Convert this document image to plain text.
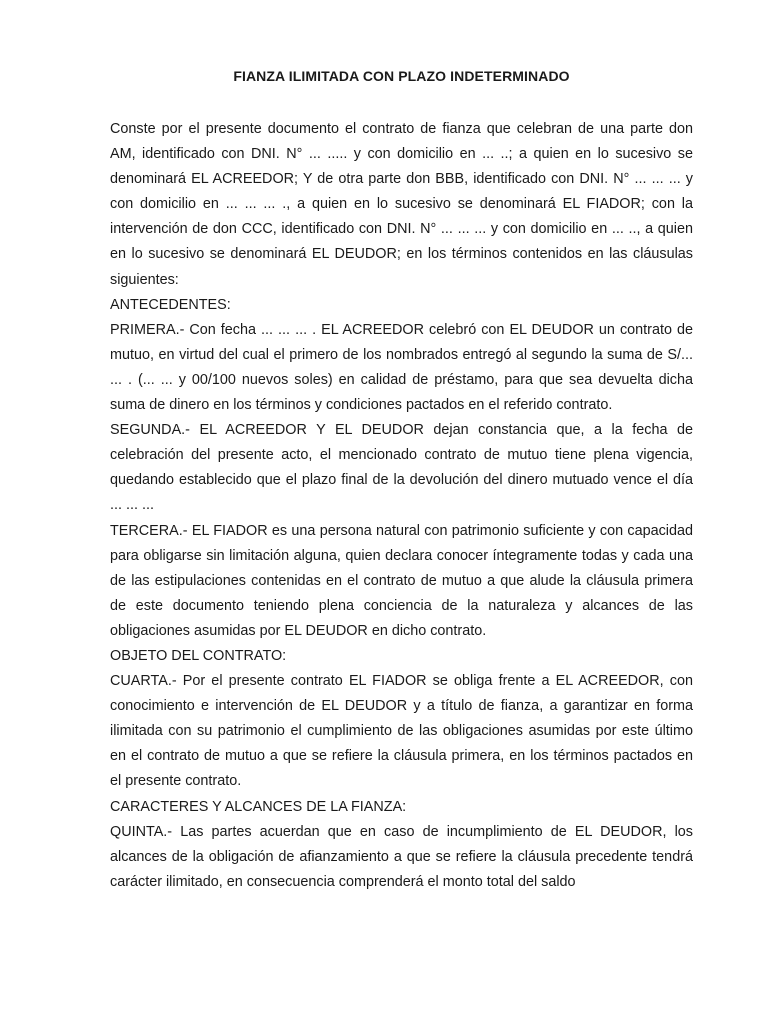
FIANZA ILIMITADA CON PLAZO INDETERMINADO

Conste por el presente documento el contrato de fianza que celebran de una parte don AM, identificado con DNI. N° ... ..... y con domicilio en ... ..; a quien en lo sucesivo se denominará EL ACREEDOR; Y de otra parte don BBB, identificado con DNI. N° ... ... ... y con domicilio en ... ... ... ., a quien en lo sucesivo se denominará EL FIADOR; con la intervención de don CCC, identificado con DNI. N° ... ... ... y con domicilio en ... .., a quien en lo sucesivo se denominará EL DEUDOR; en los términos contenidos en las cláusulas siguientes:

ANTECEDENTES:

PRIMERA.- Con fecha ... ... ... . EL ACREEDOR celebró con EL DEUDOR un contrato de mutuo, en virtud del cual el primero de los nombrados entregó al segundo la suma de S/... ... . (... ... y 00/100 nuevos soles) en calidad de préstamo, para que sea devuelta dicha suma de dinero en los términos y condiciones pactados en el referido contrato.

SEGUNDA.- EL ACREEDOR Y EL DEUDOR dejan constancia que, a la fecha de celebración del presente acto, el mencionado contrato de mutuo tiene plena vigencia, quedando establecido que el plazo final de la devolución del dinero mutuado vence el día ... ... ...

TERCERA.- EL FIADOR es una persona natural con patrimonio suficiente y con capacidad para obligarse sin limitación alguna, quien declara conocer íntegramente todas y cada una de las estipulaciones contenidas en el contrato de mutuo a que alude la cláusula primera de este documento teniendo plena conciencia de la naturaleza y alcances de las obligaciones asumidas por EL DEUDOR en dicho contrato.

OBJETO DEL CONTRATO:

CUARTA.- Por el presente contrato EL FIADOR se obliga frente a EL ACREEDOR, con conocimiento e intervención de EL DEUDOR y a título de fianza, a garantizar en forma ilimitada con su patrimonio el cumplimiento de las obligaciones asumidas por este último en el contrato de mutuo a que se refiere la cláusula primera, en los términos pactados en el presente contrato.

CARACTERES Y ALCANCES DE LA FIANZA:

QUINTA.- Las partes acuerdan que en caso de incumplimiento de EL DEUDOR, los alcances de la obligación de afianzamiento a que se refiere la cláusula precedente tendrá carácter ilimitado, en consecuencia comprenderá el monto total del saldo
